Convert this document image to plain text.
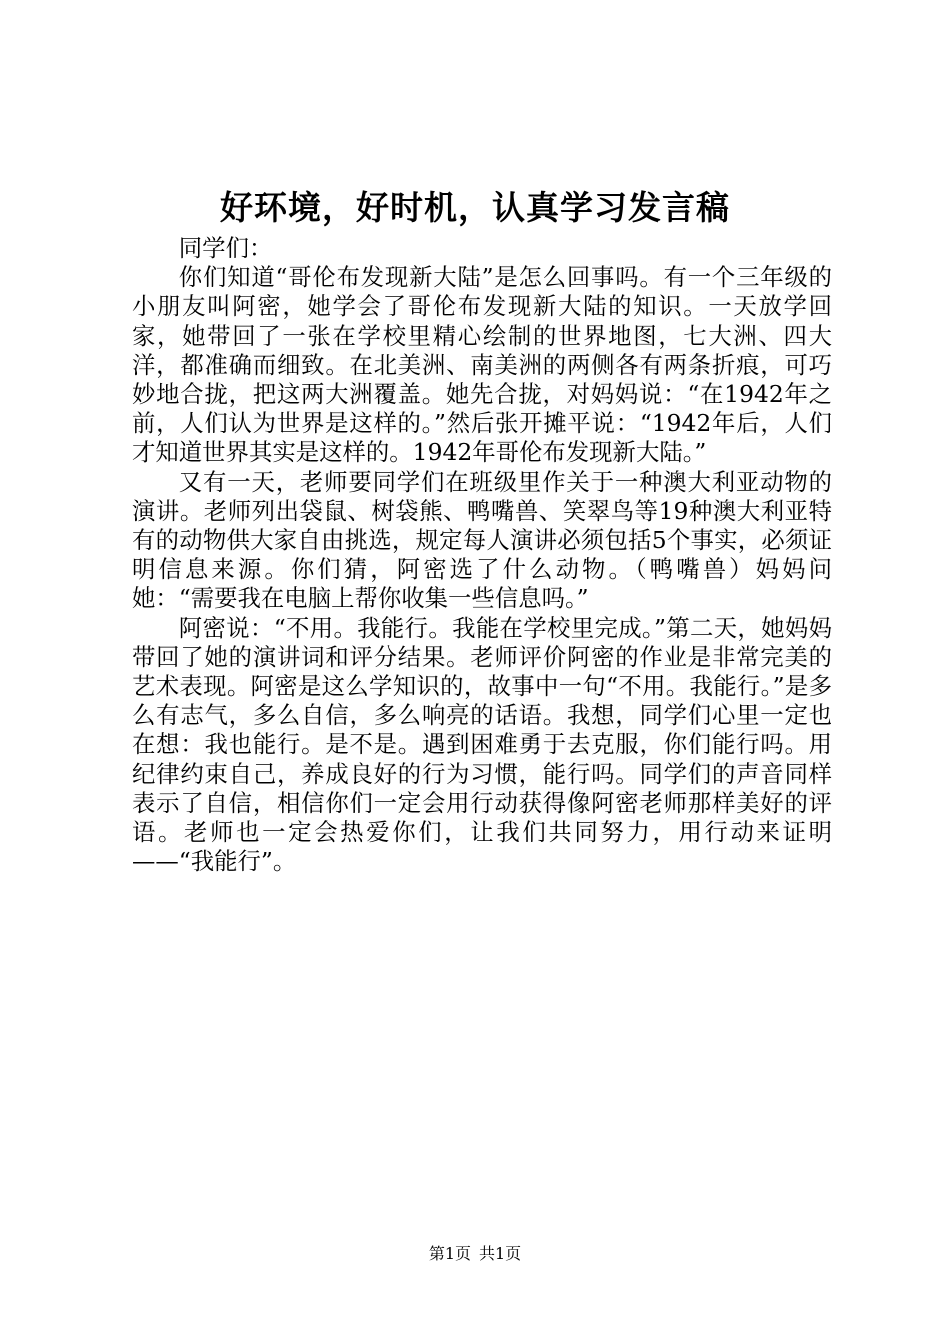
好环境，好时机，认真学习发言稿

同学们：

你们知道“哥伦布发现新大陆”是怎么回事吗。有一个三年级的小朋友叫阿密，她学会了哥伦布发现新大陆的知识。一天放学回家，她带回了一张在学校里精心绘制的世界地图，七大洲、四大洋，都准确而细致。在北美洲、南美洲的两侧各有两条折痕，可巧妙地合拢，把这两大洲覆盖。她先合拢，对妈妈说：“在1942年之前，人们认为世界是这样的。”然后张开摊平说：“1942年后，人们才知道世界其实是这样的。1942年哥伦布发现新大陆。”

又有一天，老师要同学们在班级里作关于一种澳大利亚动物的演讲。老师列出袋鼠、树袋熊、鸭嘴兽、笑翠鸟等19种澳大利亚特有的动物供大家自由挑选，规定每人演讲必须包括5个事实，必须证明信息来源。你们猜，阿密选了什么动物。（鸭嘴兽）妈妈问她：“需要我在电脑上帮你收集一些信息吗。”

阿密说：“不用。我能行。我能在学校里完成。”第二天，她妈妈带回了她的演讲词和评分结果。老师评价阿密的作业是非常完美的艺术表现。阿密是这么学知识的，故事中一句“不用。我能行。”是多么有志气，多么自信，多么响亮的话语。我想，同学们心里一定也在想：我也能行。是不是。遇到困难勇于去克服，你们能行吗。用纪律约束自己，养成良好的行为习惯，能行吗。同学们的声音同样表示了自信，相信你们一定会用行动获得像阿密老师那样美好的评语。老师也一定会热爱你们，让我们共同努力，用行动来证明——“我能行”。

第1页 共1页
